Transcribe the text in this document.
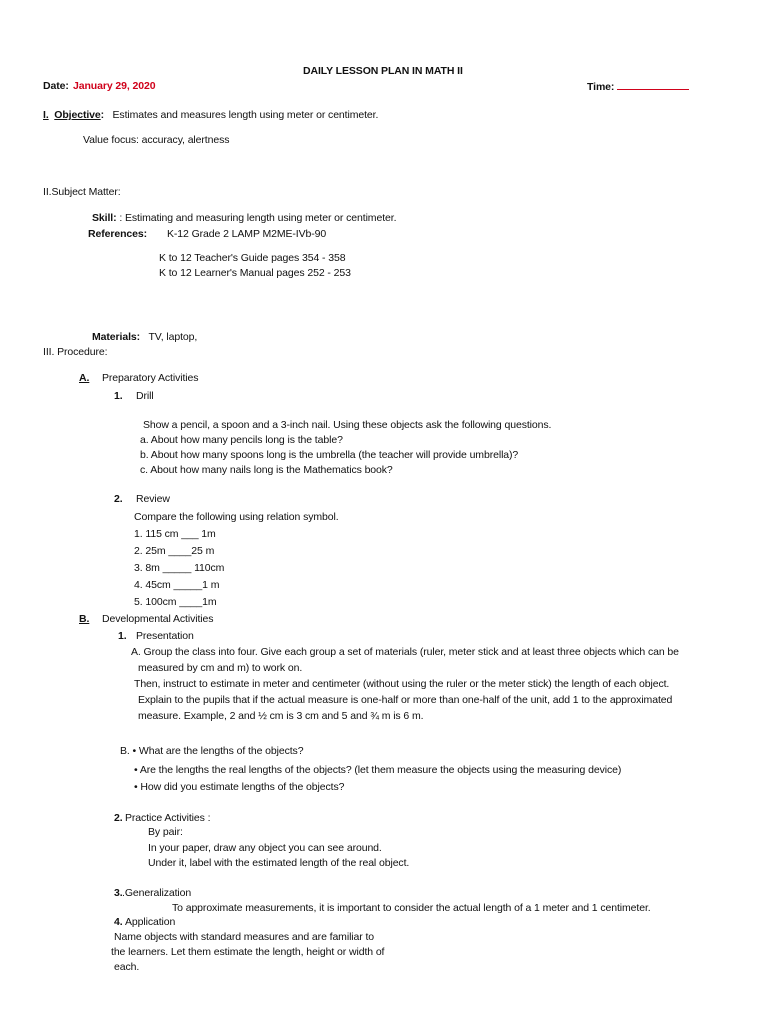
DAILY LESSON PLAN IN MATH II
Date: January 29, 2020	Time:
I. Objective: Estimates and measures length using meter or centimeter.
Value focus: accuracy, alertness
II.Subject Matter:
Skill: : Estimating and measuring length using meter or centimeter.
References: K-12 Grade 2 LAMP M2ME-IVb-90
K to 12 Teacher's Guide pages 354 - 358
K to 12 Learner's Manual pages 252 - 253
Materials: TV, laptop,
III. Procedure:
A. Preparatory Activities
1. Drill
Show a pencil, a spoon and a 3-inch nail. Using these objects ask the following questions.
a. About how many pencils long is the table?
b. About how many spoons long is the umbrella (the teacher will provide umbrella)?
c. About how many nails long is the Mathematics book?
2. Review
Compare the following using relation symbol.
1. 115 cm ___ 1m
2. 25m ____25 m
3. 8m _____ 110cm
4. 45cm _____1 m
5. 100cm ____1m
B. Developmental Activities
1. Presentation
A. Group the class into four. Give each group a set of materials (ruler, meter stick and at least three objects which can be
measured by cm and m) to work on.
Then, instruct to estimate in meter and centimeter (without using the ruler or the meter stick) the length of each object.
Explain to the pupils that if the actual measure is one-half or more than one-half of the unit, add 1 to the approximated
measure. Example, 2 and ½ cm is 3 cm and 5 and ¾ m is 6 m.
B. • What are the lengths of the objects?
• Are the lengths the real lengths of the objects? (let them measure the objects using the measuring device)
• How did you estimate lengths of the objects?
2. Practice Activities :
By pair:
In your paper, draw any object you can see around.
Under it, label with the estimated length of the real object.
3. .Generalization
To approximate measurements, it is important to consider the actual length of a 1 meter and 1 centimeter.
4. Application
Name objects with standard measures and are familiar to
the learners. Let them estimate the length, height or width of
each.
